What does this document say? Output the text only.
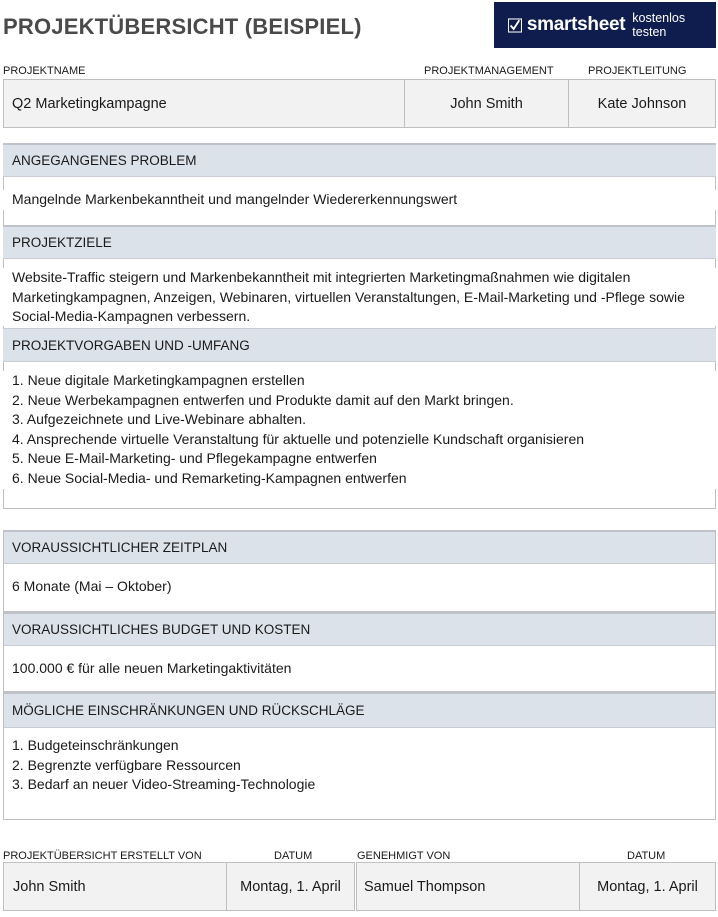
PROJEKTÜBERSICHT (BEISPIEL)	smartsheet kostenlos testen
PROJEKTNAME	PROJEKTMANAGEMENT	PROJEKTLEITUNG
Q2 Marketingkampagne	John Smith	Kate Johnson
ANGEGANGENES PROBLEM
Mangelnde Markenbekanntheit und mangelnder Wiedererkennungswert
PROJEKTZIELE
Website-Traffic steigern und Markenbekanntheit mit integrierten Marketingmaßnahmen wie digitalen Marketingkampagnen, Anzeigen, Webinaren, virtuellen Veranstaltungen, E-Mail-Marketing und -Pflege sowie Social-Media-Kampagnen verbessern.
PROJEKTVORGABEN UND -UMFANG
1. Neue digitale Marketingkampagnen erstellen
2. Neue Werbekampagnen entwerfen und Produkte damit auf den Markt bringen.
3. Aufgezeichnete und Live-Webinare abhalten.
4. Ansprechende virtuelle Veranstaltung für aktuelle und potenzielle Kundschaft organisieren
5. Neue E-Mail-Marketing- und Pflegekampagne entwerfen
6. Neue Social-Media- und Remarketing-Kampagnen entwerfen
VORAUSSICHTLICHER ZEITPLAN
6 Monate (Mai – Oktober)
VORAUSSICHTLICHES BUDGET UND KOSTEN
100.000 € für alle neuen Marketingaktivitäten
MÖGLICHE EINSCHRÄNKUNGEN UND RÜCKSCHLÄGE
1. Budgeteinschränkungen
2. Begrenzte verfügbare Ressourcen
3. Bedarf an neuer Video-Streaming-Technologie
PROJEKTÜBERSICHT ERSTELLT VON	DATUM	GENEHMIGT VON	DATUM
John Smith	Montag, 1. April	Samuel Thompson	Montag, 1. April
